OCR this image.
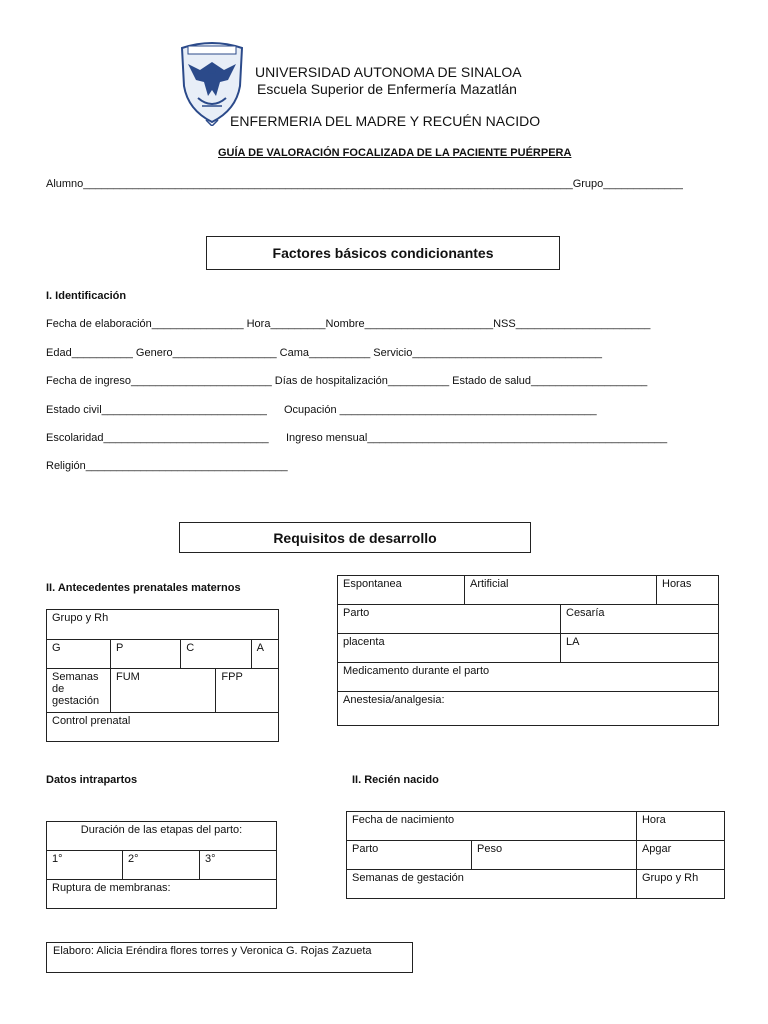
UNIVERSIDAD AUTONOMA DE SINALOA
Escuela Superior de Enfermería Mazatlán
ENFERMERIA DEL MADRE Y RECUÉN NACIDO
GUÍA DE VALORACIÓN FOCALIZADA DE LA PACIENTE PUÉRPERA
Alumno________________________________________________________________________________Grupo_____________
Factores básicos condicionantes
I. Identificación
Fecha de elaboración_______________ Hora_________Nombre_____________________NSS______________________
Edad__________ Genero_________________ Cama__________ Servicio_______________________________
Fecha de ingreso_______________________ Días de hospitalización__________ Estado de salud___________________
Estado civil___________________________ Ocupación __________________________________________
Escolaridad___________________________ Ingreso mensual_________________________________________________
Religión_________________________________
Requisitos de desarrollo
II. Antecedentes prenatales maternos
Grupo y Rh				
G	P	C		A
Semanas de gestación	FUM		FPP	
Control prenatal				
Espontanea	Artificial		Horas
Parto		Cesaría	
placenta		LA	
Medicamento durante el parto			
Anestesia/analgesia:			
Datos intrapartos
Duración de las etapas del parto:
1°	2°	3°
Ruptura de membranas:
II. Recién nacido
Fecha de nacimiento		Hora
Parto	Peso	Apgar
Semanas de gestación		Grupo y Rh
Elaboro: Alicia Eréndira flores torres y Veronica G. Rojas Zazueta
